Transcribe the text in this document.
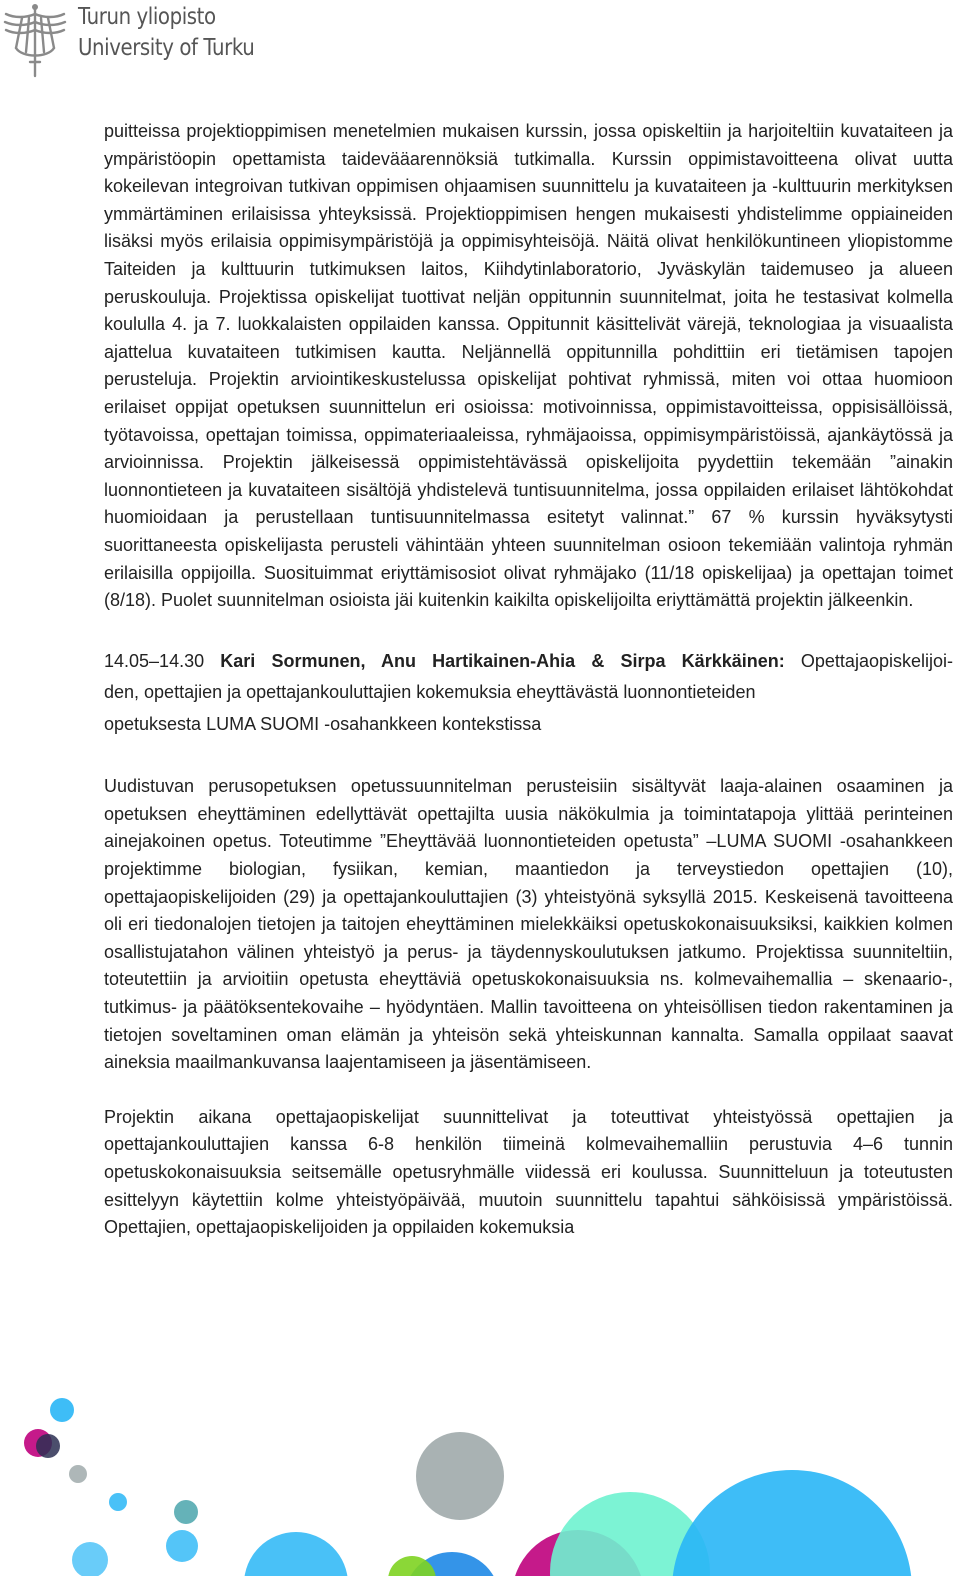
Turun yliopisto
University of Turku

puitteissa projektioppimisen menetelmien mukaisen kurssin, jossa opiskeltiin ja harjoiteltiin kuvataiteen ja ympäristöopin opettamista taidevääarennöksiä tutkimalla. Kurssin oppimistavoitteena olivat uutta kokeilevan integroivan tutkivan oppimisen ohjaamisen suunnittelu ja kuvataiteen ja -kulttuurin merkityksen ymmärtäminen erilaisissa yhteyksissä. Projektioppimisen hengen mukaisesti yhdistelimme oppiaineiden lisäksi myös erilaisia oppimisympäristöjä ja oppimisyhteisöjä. Näitä olivat henkilökuntineen yliopistomme Taiteiden ja kulttuurin tutkimuksen laitos, Kiihdytinlaboratorio, Jyväskylän taidemuseo ja alueen peruskouluja. Projektissa opiskelijat tuottivat neljän oppitunnin suunnitelmat, joita he testasivat kolmella koululla 4. ja 7. luokkalaisten oppilaiden kanssa. Oppitunnit käsittelivät värejä, teknologiaa ja visuaalista ajattelua kuvataiteen tutkimisen kautta. Neljännellä oppitunnilla pohdittiin eri tietämisen tapojen perusteluja. Projektin arviointikeskustelussa opiskelijat pohtivat ryhmissä, miten voi ottaa huomioon erilaiset oppijat opetuksen suunnittelun eri osioissa: motivoinnissa, oppimistavoitteissa, oppisisällöissä, työtavoissa, opettajan toimissa, oppimateriaaleissa, ryhmäjaoissa, oppimisympäristöissä, ajankäytössä ja arvioinnissa. Projektin jälkeisessä oppimistehtävässä opiskelijoita pyydettiin tekemään ”ainakin luonnontieteen ja kuvataiteen sisältöjä yhdistelevä tuntisuunnitelma, jossa oppilaiden erilaiset lähtökohdat huomioidaan ja perustellaan tuntisuunnitelmassa esitetyt valinnat.” 67 % kurssin hyväksytysti suorittaneesta opiskelijasta perusteli vähintään yhteen suunnitelman osioon tekemiään valintoja ryhmän erilaisilla oppijoilla. Suosituimmat eriyttämisosiot olivat ryhmäjako (11/18 opiskelijaa) ja opettajan toimet (8/18). Puolet suunnitelman osioista jäi kuitenkin kaikilta opiskelijoilta eriyttämättä projektin jälkeenkin.

14.05–14.30 Kari Sormunen, Anu Hartikainen-Ahia & Sirpa Kärkkäinen: Opettajaopiskelijoi-
den, opettajien ja opettajankouluttajien kokemuksia eheyttävästä luonnontieteiden
opetuksesta LUMA SUOMI -osahankkeen kontekstissa

Uudistuvan perusopetuksen opetussuunnitelman perusteisiin sisältyvät laaja-alainen osaaminen ja opetuksen eheyttäminen edellyttävät opettajilta uusia näkökulmia ja toimintatapoja ylittää perinteinen ainejakoinen opetus. Toteutimme ”Eheyttävää luonnontieteiden opetusta” –LUMA SUOMI -osahankkeen projektimme biologian, fysiikan, kemian, maantiedon ja terveystiedon opettajien (10), opettajaopiskelijoiden (29) ja opettajankouluttajien (3) yhteistyönä syksyllä 2015. Keskeisenä tavoitteena oli eri tiedonalojen tietojen ja taitojen eheyttäminen mielekkäiksi opetuskokonaisuuksiksi, kaikkien kolmen osallistujatahon välinen yhteistyö ja perus- ja täydennyskoulutuksen jatkumo. Projektissa suunniteltiin, toteutettiin ja arvioitiin opetusta eheyttäviä opetuskokonaisuuksia ns. kolmevaihemallia – skenaario-, tutkimus- ja päätöksentekovaihe – hyödyntäen. Mallin tavoitteena on yhteisöllisen tiedon rakentaminen ja tietojen soveltaminen oman elämän ja yhteisön sekä yhteiskunnan kannalta. Samalla oppilaat saavat aineksia maailmankuvansa laajentamiseen ja jäsentämiseen.

Projektin aikana opettajaopiskelijat suunnittelivat ja toteuttivat yhteistyössä opettajien ja opettajankouluttajien kanssa 6-8 henkilön tiimeinä kolmevaihemalliin perustuvia 4–6 tunnin opetuskokonaisuuksia seitsemälle opetusryhmälle viidessä eri koulussa. Suunnitteluun ja toteutusten esittelyyn käytettiin kolme yhteistyöpäivää, muutoin suunnittelu tapahtui sähköisissä ympäristöissä. Opettajien, opettajaopiskelijoiden ja oppilaiden kokemuksia
